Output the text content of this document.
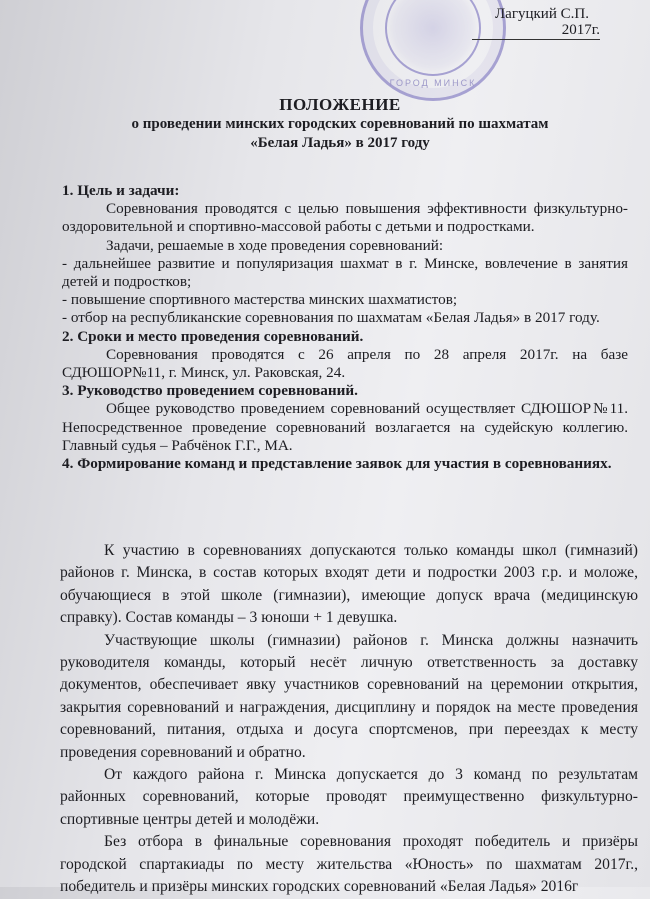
ГОРОД МИНСК
Лагуцкий С.П.
2017г.
ПОЛОЖЕНИЕ
о проведении минских городских соревнований по шахматам
«Белая Ладья» в 2017 году

1. Цель и задачи:

Соревнования проводятся с целью повышения эффективности физкультурно-оздоровительной и спортивно-массовой работы с детьми и подростками.

Задачи, решаемые в ходе проведения соревнований:

- дальнейшее развитие и популяризация шахмат в г. Минске, вовлечение в занятия детей и подростков;

- повышение спортивного мастерства минских шахматистов;

- отбор на республиканские соревнования по шахматам «Белая Ладья» в 2017 году.

2. Сроки и место проведения соревнований.

Соревнования проводятся с 26 апреля по 28 апреля 2017г. на базе СДЮШОР№11, г. Минск, ул. Раковская, 24.

3. Руководство проведением соревнований.

Общее руководство проведением соревнований осуществляет СДЮШОР№11. Непосредственное проведение соревнований возлагается на судейскую коллегию. Главный судья – Рабчёнок Г.Г., МА.

4. Формирование команд и представление заявок для участия в соревнованиях.

К участию в соревнованиях допускаются только команды школ (гимназий) районов г. Минска, в состав которых входят дети и подростки 2003 г.р. и моложе, обучающиеся в этой школе (гимназии), имеющие допуск врача (медицинскую справку). Состав команды – 3 юноши + 1 девушка.

Участвующие школы (гимназии) районов г. Минска должны назначить руководителя команды, который несёт личную ответственность за доставку документов, обеспечивает явку участников соревнований на церемонии открытия, закрытия соревнований и награждения, дисциплину и порядок на месте проведения соревнований, питания, отдыха и досуга спортсменов, при переездах к месту проведения соревнований и обратно.

От каждого района г. Минска допускается до 3 команд по результатам районных соревнований, которые проводят преимущественно физкультурно-спортивные центры детей и молодёжи.

Без отбора в финальные соревнования проходят победитель и призёры городской спартакиады по месту жительства «Юность» по шахматам 2017г., победитель и призёры минских городских соревнований «Белая Ладья» 2016г
